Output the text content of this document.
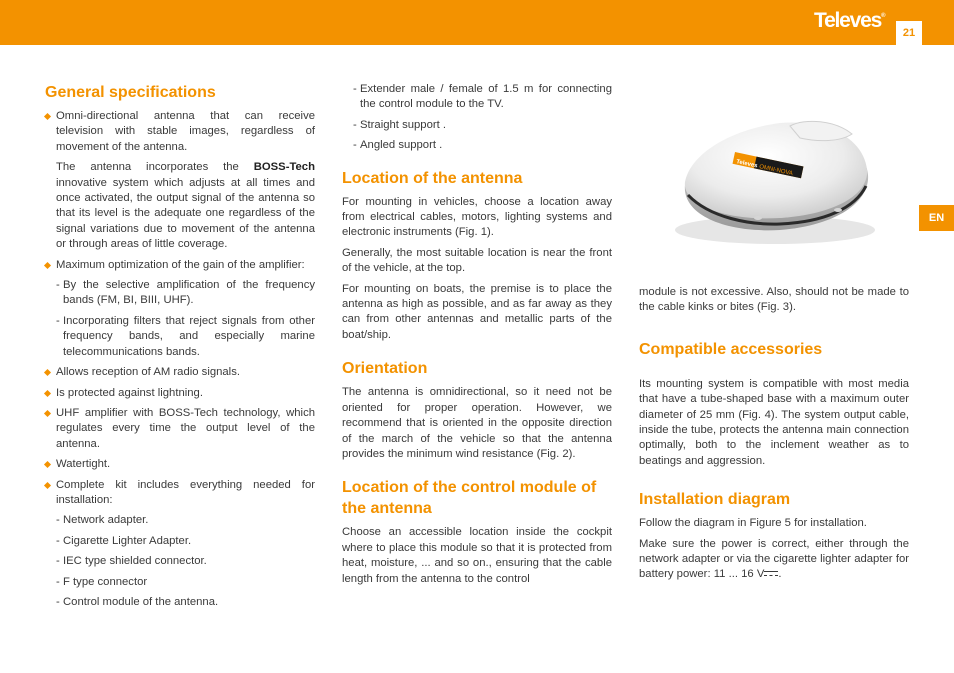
Televes®
21
EN
General specifications
Omni-directional antenna that can receive television with stable images, regardless of movement of the antenna.

The antenna incorporates the BOSS-Tech innovative system which adjusts at all times and once activated, the output signal of the antenna so that its level is the adequate one regardless of the signal variations due to movement of the antenna or through areas of little coverage.

Maximum optimization of the gain of the amplifier:
- By the selective amplification of the frequency bands (FM, BI, BIII, UHF).
- Incorporating filters that reject signals from other frequency bands, and especially marine telecommunications bands.
Allows reception of AM radio signals.
Is protected against lightning.
UHF amplifier with BOSS-Tech technology, which regulates every time the output level of the antenna.
Watertight.
Complete kit includes everything needed for installation:
- Network adapter.
- Cigarette Lighter Adapter.
- IEC type shielded connector.
- F type connector
- Control module of the antenna.
- Extender male / female of 1.5 m for connecting the control module to the TV.
- Straight support .
- Angled support .
Location of the antenna

For mounting in vehicles, choose a location away from electrical cables, motors, lighting systems and electronic instruments (Fig. 1).

Generally, the most suitable location is near the front of the vehicle, at the top.

For mounting on boats, the premise is to place the antenna as high as possible, and as far away as they can from other antennas and metallic parts of the boat/ship.

Orientation

The antenna is omnidirectional, so it need not be oriented for proper operation. However, we recommend that is oriented in the opposite direction of the march of the vehicle so that the antenna provides the minimum wind resistance (Fig. 2).

Location of the control module of
the antenna

Choose an accessible location inside the cockpit where to place this module so that it is protected from heat, moisture, ... and so on., ensuring that the cable length from the antenna to the control

Televes OMNI-NOVA

module is not excessive. Also, should not be made to the cable kinks or bites (Fig. 3).

Compatible accessories

Its mounting system is compatible with most media that have a tube-shaped base with a maximum outer diameter of 25 mm (Fig. 4). The system output cable, inside the tube, protects the antenna main connection optimally, both to the inclement weather as to beatings and aggression.

Installation diagram

Follow the diagram in Figure 5 for installation.

Make sure the power is correct, either through the network adapter or via the cigarette lighter adapter for battery power: 11 ... 16 V .
